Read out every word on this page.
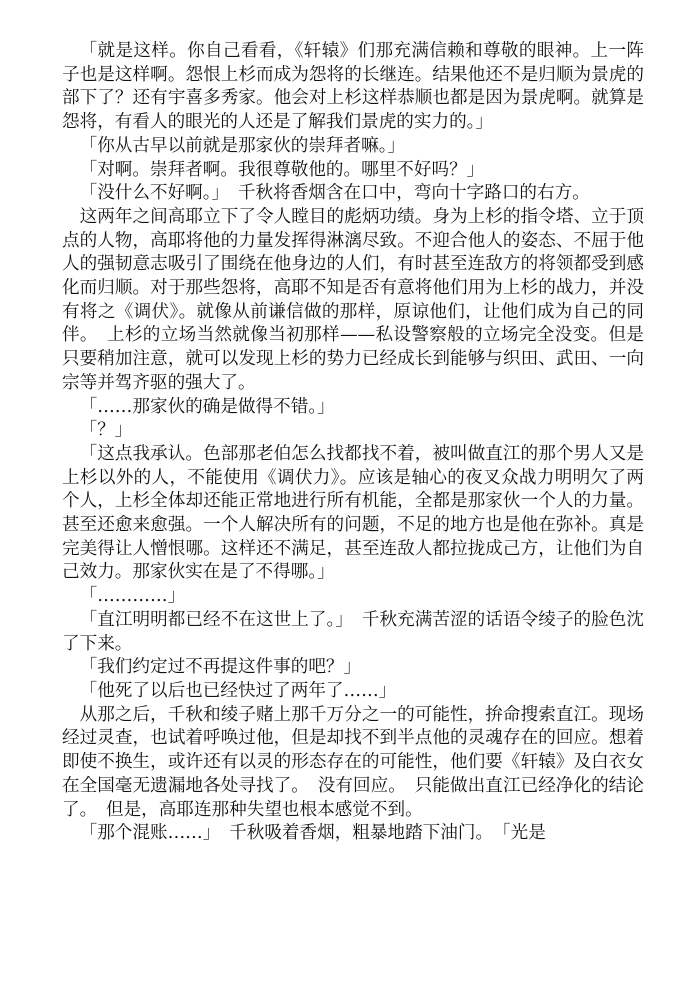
「就是这样。你自己看看，《轩辕》们那充满信赖和尊敬的眼神。上一阵子也是这样啊。怨恨上杉而成为怨将的长继连。结果他还不是归顺为景虎的部下了？还有宇喜多秀家。他会对上杉这样恭顺也都是因为景虎啊。就算是怨将，有看人的眼光的人还是了解我们景虎的实力的。」

「你从古早以前就是那家伙的崇拜者嘛。」

「对啊。崇拜者啊。我很尊敬他的。哪里不好吗？」

「没什么不好啊。」　千秋将香烟含在口中，弯向十字路口的右方。

这两年之间高耶立下了令人瞠目的彪炳功绩。身为上杉的指令塔、立于顶点的人物，高耶将他的力量发挥得淋漓尽致。不迎合他人的姿态、不屈于他人的强韧意志吸引了围绕在他身边的人们，有时甚至连敌方的将领都受到感化而归顺。对于那些怨将，高耶不知是否有意将他们用为上杉的战力，并没有将之《调伏》。就像从前谦信做的那样，原谅他们，让他们成为自己的同伴。　上杉的立场当然就像当初那样——私设警察般的立场完全没变。但是只要稍加注意，就可以发现上杉的势力已经成长到能够与织田、武田、一向宗等并驾齐驱的强大了。

「……那家伙的确是做得不错。」

「？」

「这点我承认。色部那老伯怎么找都找不着，被叫做直江的那个男人又是上杉以外的人，不能使用《调伏力》。应该是轴心的夜叉众战力明明欠了两个人，上杉全体却还能正常地进行所有机能，全都是那家伙一个人的力量。甚至还愈来愈强。一个人解决所有的问题，不足的地方也是他在弥补。真是完美得让人憎恨哪。这样还不满足，甚至连敌人都拉拢成己方，让他们为自己效力。那家伙实在是了不得哪。」

「…………」

「直江明明都已经不在这世上了。」　千秋充满苦涩的话语令绫子的脸色沈了下来。

「我们约定过不再提这件事的吧？」

「他死了以后也已经快过了两年了……」

从那之后，千秋和绫子赌上那千万分之一的可能性，拚命搜索直江。现场经过灵查，也试着呼唤过他，但是却找不到半点他的灵魂存在的回应。想着即使不换生，或许还有以灵的形态存在的可能性，他们要《轩辕》及白衣女在全国毫无遗漏地各处寻找了。　没有回应。　只能做出直江已经净化的结论了。　但是，高耶连那种失望也根本感觉不到。

「那个混账……」　千秋吸着香烟，粗暴地踏下油门。　「光是
